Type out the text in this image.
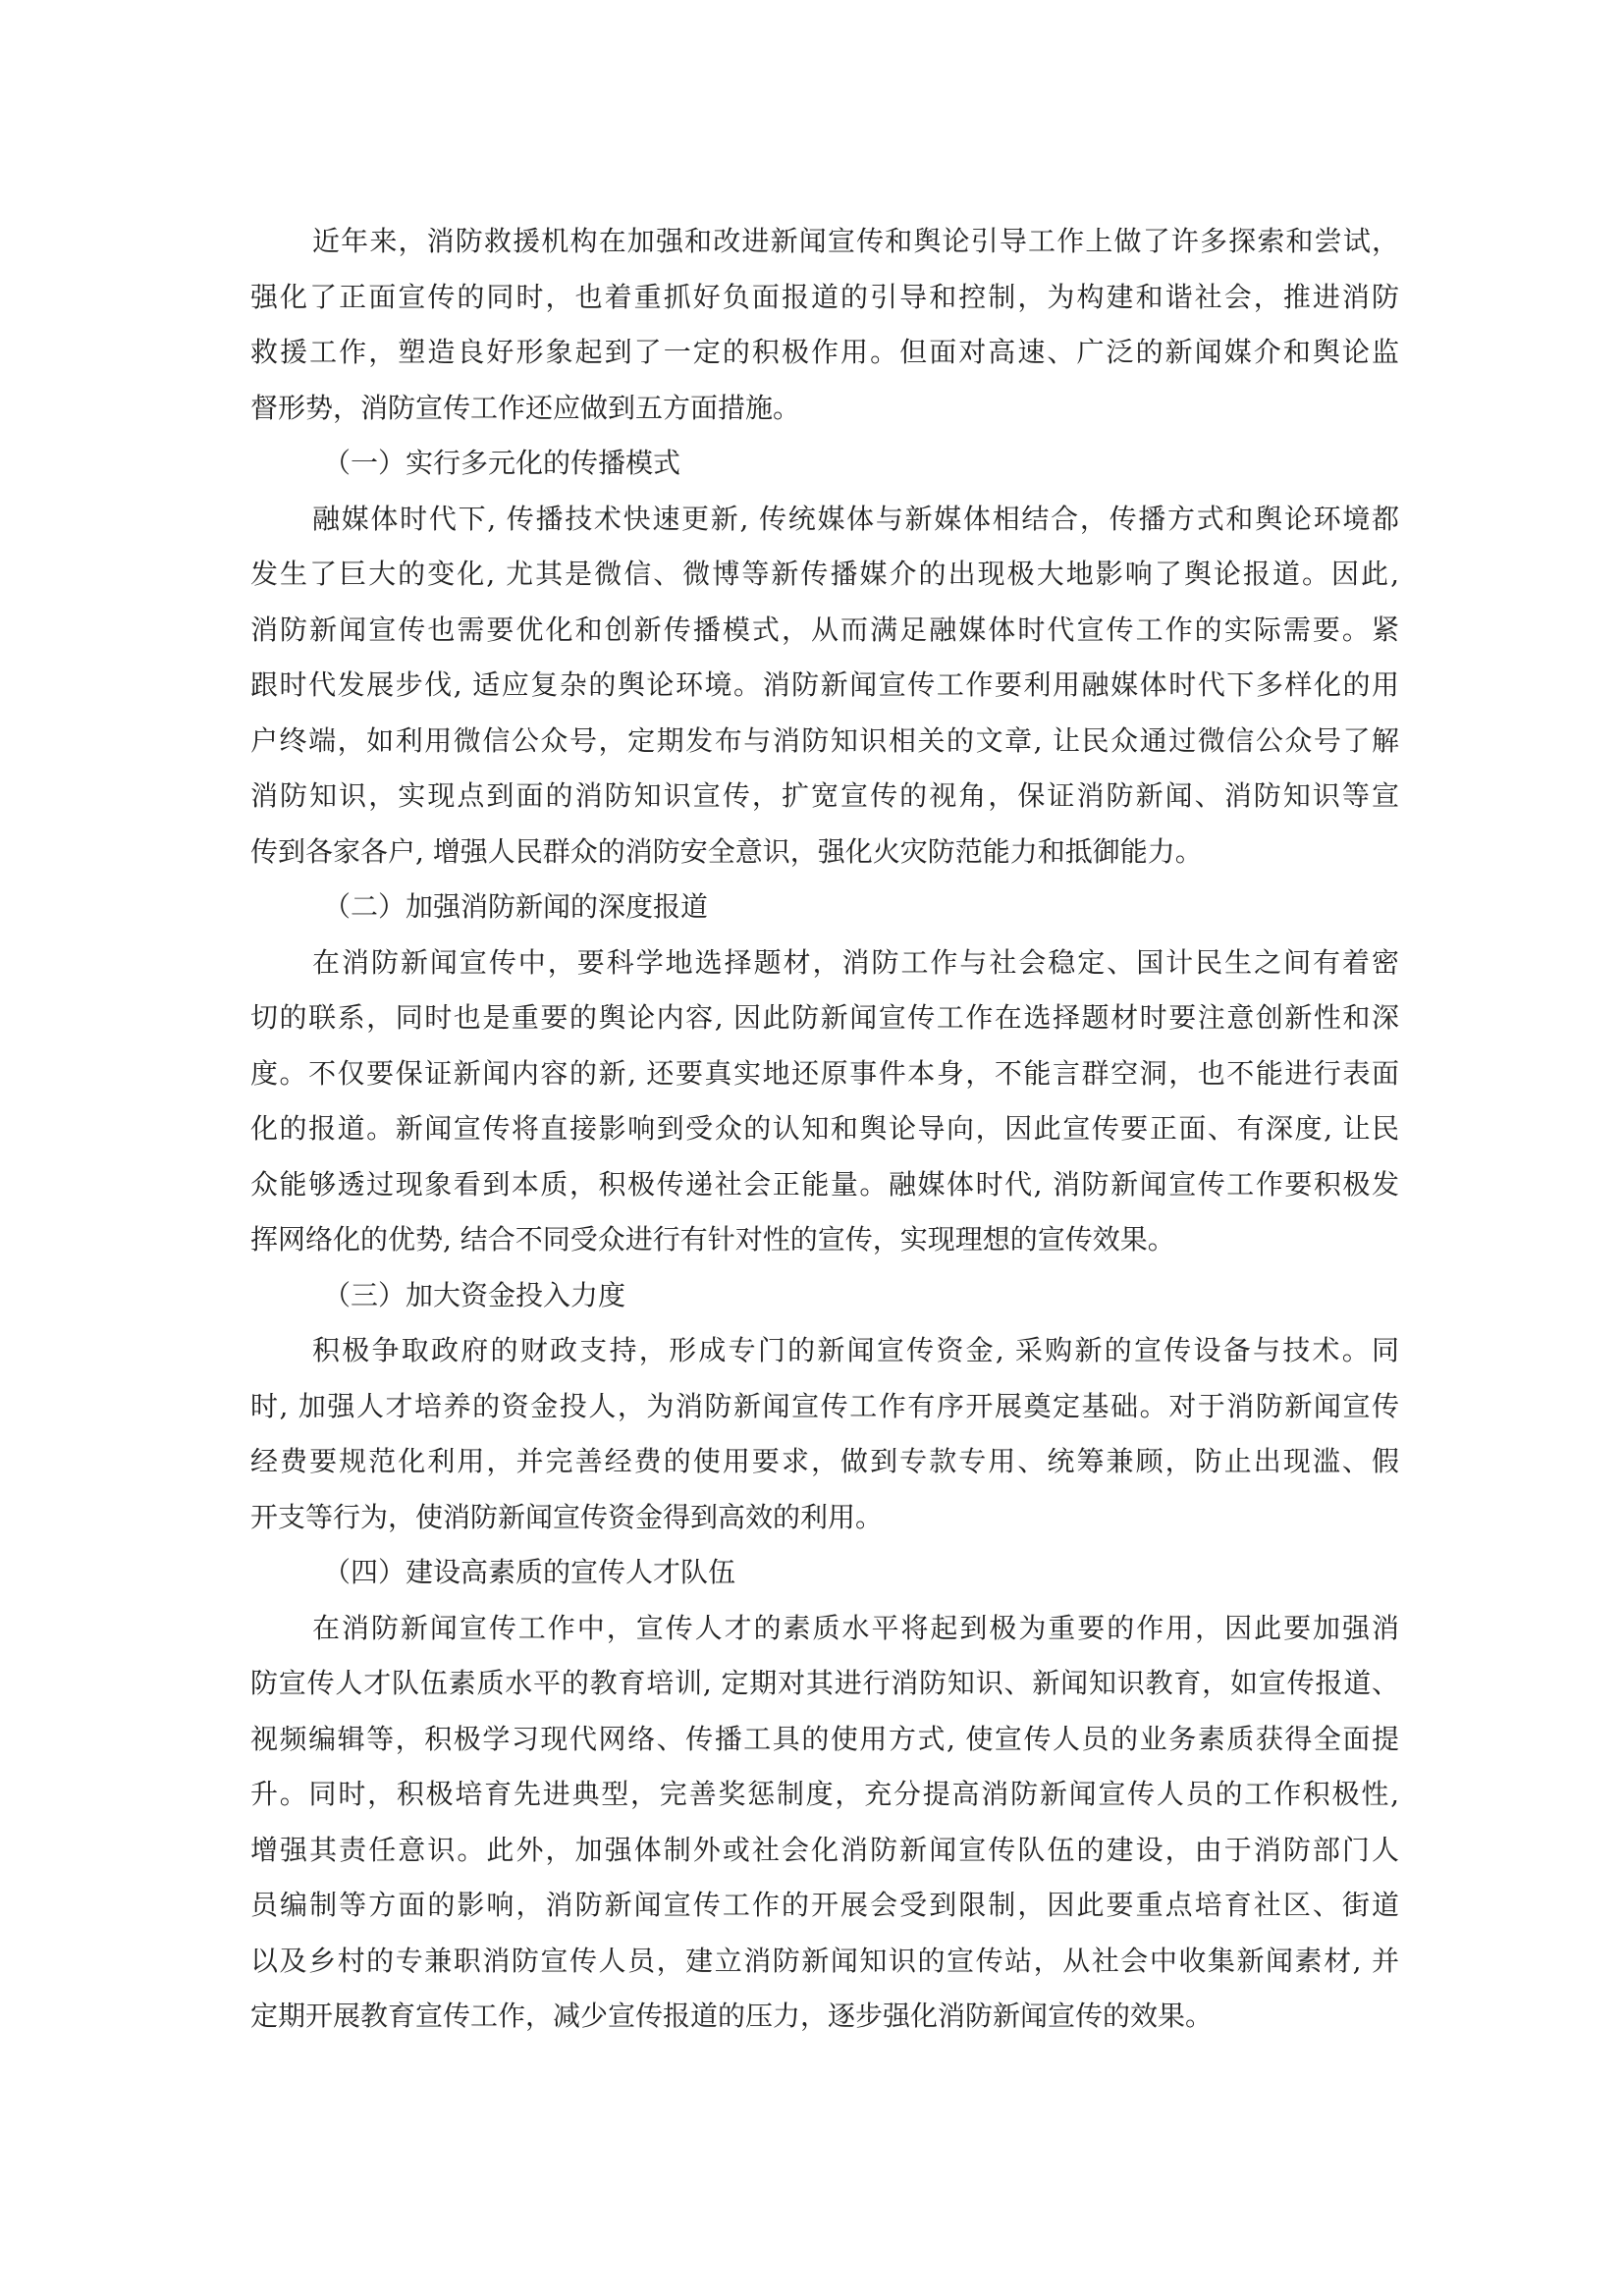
近年来，消防救援机构在加强和改进新闻宣传和舆论引导工作上做了许多探索和尝试，
强化了正面宣传的同时，也着重抓好负面报道的引导和控制，为构建和谐社会，推进消防
救援工作，塑造良好形象起到了一定的积极作用。但面对高速、广泛的新闻媒介和舆论监
督形势，消防宣传工作还应做到五方面措施。
（一）实行多元化的传播模式
融媒体时代下, 传播技术快速更新, 传统媒体与新媒体相结合，传播方式和舆论环境都
发生了巨大的变化, 尤其是微信、微博等新传播媒介的出现极大地影响了舆论报道。因此,
消防新闻宣传也需要优化和创新传播模式，从而满足融媒体时代宣传工作的实际需要。紧
跟时代发展步伐, 适应复杂的舆论环境。消防新闻宣传工作要利用融媒体时代下多样化的用
户终端，如利用微信公众号，定期发布与消防知识相关的文章, 让民众通过微信公众号了解
消防知识，实现点到面的消防知识宣传，扩宽宣传的视角，保证消防新闻、消防知识等宣
传到各家各户, 增强人民群众的消防安全意识，强化火灾防范能力和抵御能力。
（二）加强消防新闻的深度报道
在消防新闻宣传中，要科学地选择题材，消防工作与社会稳定、国计民生之间有着密
切的联系，同时也是重要的舆论内容, 因此防新闻宣传工作在选择题材时要注意创新性和深
度。不仅要保证新闻内容的新, 还要真实地还原事件本身，不能言群空洞，也不能进行表面
化的报道。新闻宣传将直接影响到受众的认知和舆论导向，因此宣传要正面、有深度, 让民
众能够透过现象看到本质，积极传递社会正能量。融媒体时代, 消防新闻宣传工作要积极发
挥网络化的优势, 结合不同受众进行有针对性的宣传，实现理想的宣传效果。
（三）加大资金投入力度
积极争取政府的财政支持，形成专门的新闻宣传资金, 采购新的宣传设备与技术。同
时, 加强人才培养的资金投人，为消防新闻宣传工作有序开展奠定基础。对于消防新闻宣传
经费要规范化利用，并完善经费的使用要求，做到专款专用、统筹兼顾，防止出现滥、假
开支等行为，使消防新闻宣传资金得到高效的利用。
（四）建设高素质的宣传人才队伍
在消防新闻宣传工作中，宣传人才的素质水平将起到极为重要的作用，因此要加强消
防宣传人才队伍素质水平的教育培训, 定期对其进行消防知识、新闻知识教育，如宣传报道、
视频编辑等，积极学习现代网络、传播工具的使用方式, 使宣传人员的业务素质获得全面提
升。同时，积极培育先进典型，完善奖惩制度，充分提高消防新闻宣传人员的工作积极性,
增强其责任意识。此外，加强体制外或社会化消防新闻宣传队伍的建设，由于消防部门人
员编制等方面的影响，消防新闻宣传工作的开展会受到限制，因此要重点培育社区、街道
以及乡村的专兼职消防宣传人员，建立消防新闻知识的宣传站，从社会中收集新闻素材, 并
定期开展教育宣传工作，减少宣传报道的压力，逐步强化消防新闻宣传的效果。
